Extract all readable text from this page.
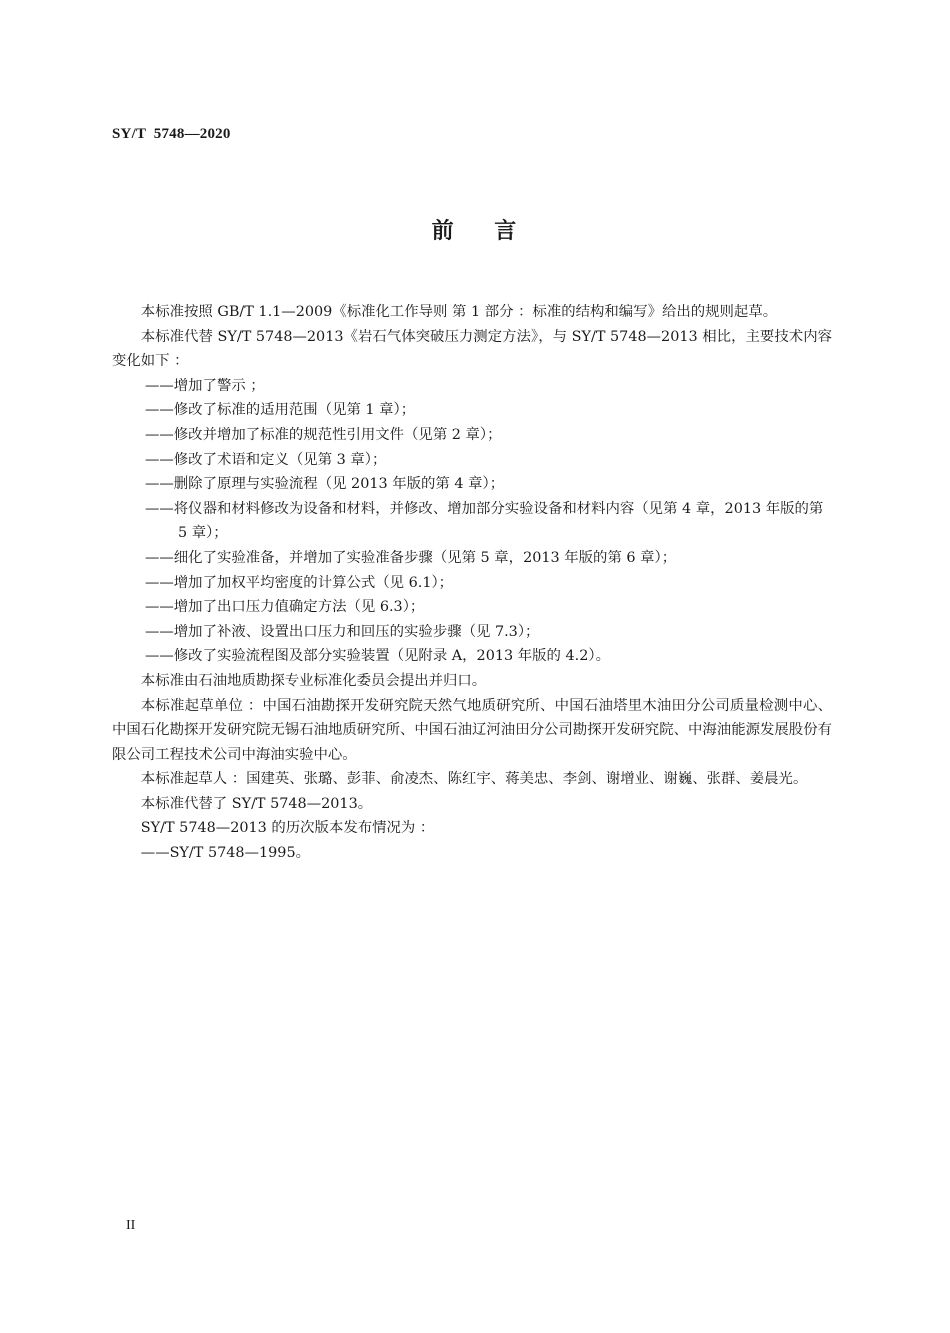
SY/T  5748—2020
前    言

本标准按照 GB/T 1.1—2009《标准化工作导则 第 1 部分 ：标准的结构和编写》给出的规则起草。

本标准代替 SY/T 5748—2013《岩石气体突破压力测定方法》，与 SY/T 5748—2013 相比，主要技术内容变化如下 ：

——增加了警示 ；

——修改了标准的适用范围（见第 1 章）；

——修改并增加了标准的规范性引用文件（见第 2 章）；

——修改了术语和定义（见第 3 章）；

——删除了原理与实验流程（见 2013 年版的第 4 章）；

——将仪器和材料修改为设备和材料，并修改、增加部分实验设备和材料内容（见第 4 章，2013 年版的第 5 章）；

——细化了实验准备，并增加了实验准备步骤（见第 5 章，2013 年版的第 6 章）；

——增加了加权平均密度的计算公式（见 6.1）；

——增加了出口压力值确定方法（见 6.3）；

——增加了补液、设置出口压力和回压的实验步骤（见 7.3）；

——修改了实验流程图及部分实验装置（见附录 A，2013 年版的 4.2）。

本标准由石油地质勘探专业标准化委员会提出并归口。

本标准起草单位 ：中国石油勘探开发研究院天然气地质研究所、中国石油塔里木油田分公司质量检测中心、中国石化勘探开发研究院无锡石油地质研究所、中国石油辽河油田分公司勘探开发研究院、中海油能源发展股份有限公司工程技术公司中海油实验中心。

本标准起草人 ：国建英、张璐、彭菲、俞凌杰、陈红宇、蒋美忠、李剑、谢增业、谢巍、张群、姜晨光。

本标准代替了 SY/T 5748—2013。

SY/T 5748—2013 的历次版本发布情况为 ：

——SY/T 5748—1995。

II
